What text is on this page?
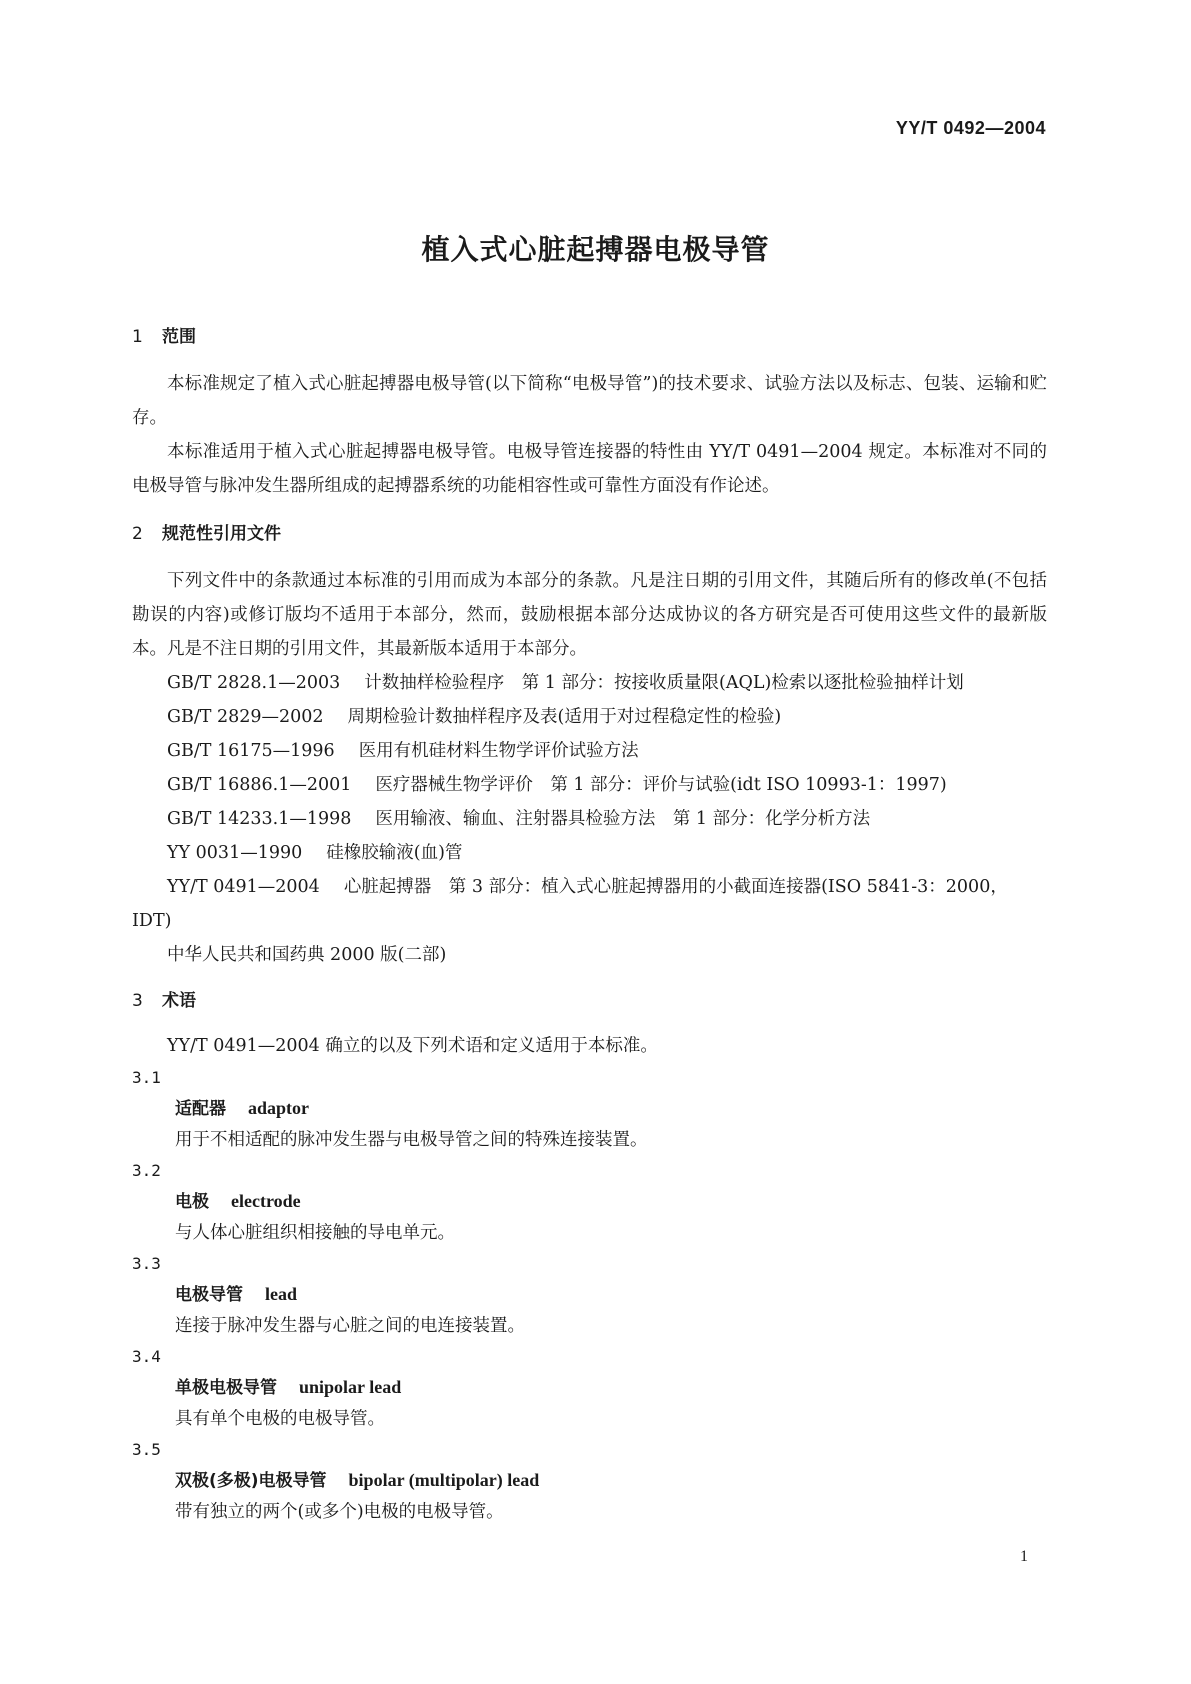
YY/T 0492—2004
植入式心脏起搏器电极导管

1 范围

本标准规定了植入式心脏起搏器电极导管(以下简称“电极导管”)的技术要求、试验方法以及标志、包装、运输和贮存。

本标准适用于植入式心脏起搏器电极导管。电极导管连接器的特性由 YY/T 0491—2004 规定。本标准对不同的电极导管与脉冲发生器所组成的起搏器系统的功能相容性或可靠性方面没有作论述。

2 规范性引用文件

下列文件中的条款通过本标准的引用而成为本部分的条款。凡是注日期的引用文件，其随后所有的修改单(不包括勘误的内容)或修订版均不适用于本部分，然而，鼓励根据本部分达成协议的各方研究是否可使用这些文件的最新版本。凡是不注日期的引用文件，其最新版本适用于本部分。

GB/T 2828.1—2003 计数抽样检验程序　第 1 部分：按接收质量限(AQL)检索以逐批检验抽样计划

GB/T 2829—2002 周期检验计数抽样程序及表(适用于对过程稳定性的检验)

GB/T 16175—1996 医用有机硅材料生物学评价试验方法

GB/T 16886.1—2001 医疗器械生物学评价　第 1 部分：评价与试验(idt ISO 10993-1：1997)

GB/T 14233.1—1998 医用输液、输血、注射器具检验方法　第 1 部分：化学分析方法

YY 0031—1990 硅橡胶输液(血)管

YY/T 0491—2004 心脏起搏器　第 3 部分：植入式心脏起搏器用的小截面连接器(ISO 5841-3：2000，IDT)

中华人民共和国药典 2000 版(二部)

3 术语

YY/T 0491—2004 确立的以及下列术语和定义适用于本标准。

3.1

适配器 adaptor

用于不相适配的脉冲发生器与电极导管之间的特殊连接装置。

3.2

电极 electrode

与人体心脏组织相接触的导电单元。

3.3

电极导管 lead

连接于脉冲发生器与心脏之间的电连接装置。

3.4

单极电极导管 unipolar lead

具有单个电极的电极导管。

3.5

双极(多极)电极导管 bipolar (multipolar) lead

带有独立的两个(或多个)电极的电极导管。

1
